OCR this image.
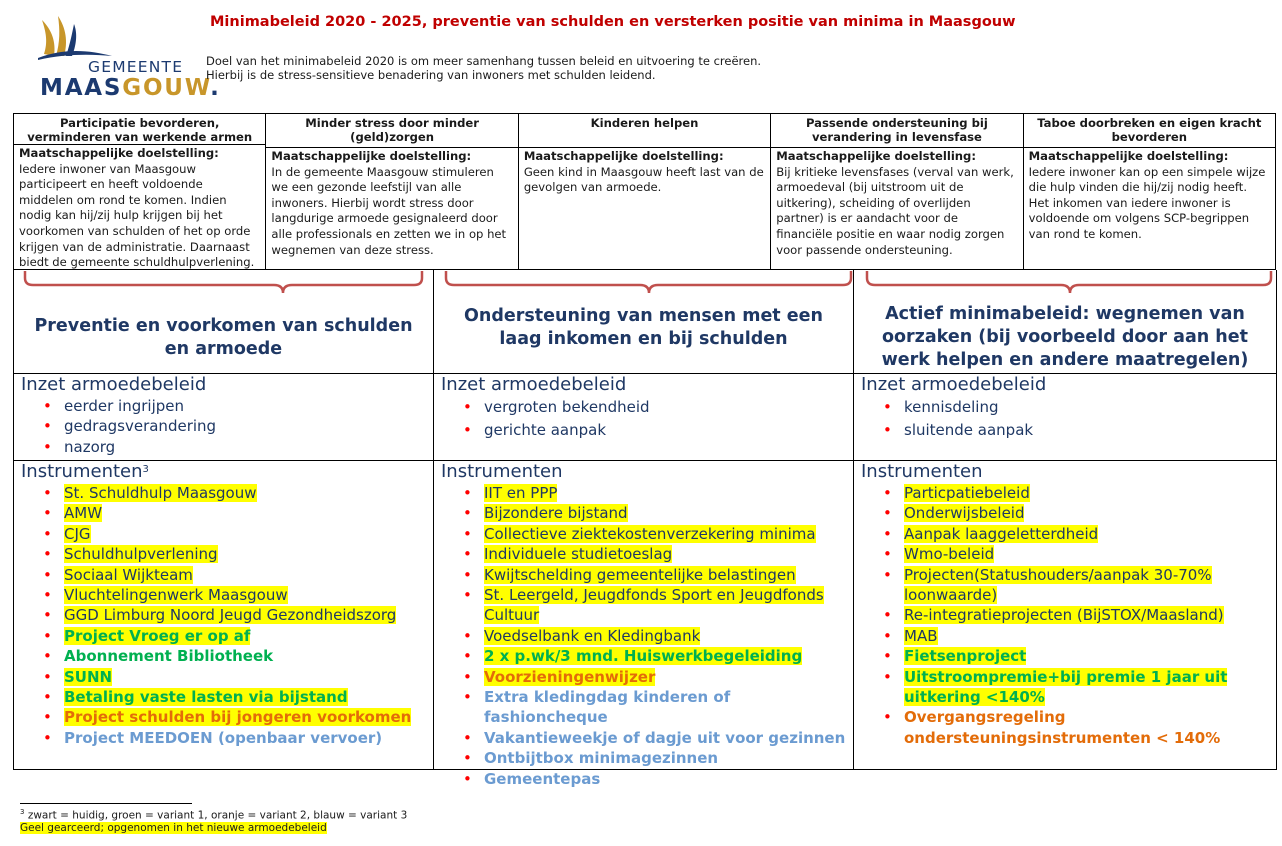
GEMEENTE
MAASGOUW.
Minimabeleid 2020 - 2025, preventie van schulden en versterken positie van minima in Maasgouw
Doel van het minimabeleid 2020 is om meer samenhang tussen beleid en uitvoering te creëren.
Hierbij is de stress-sensitieve benadering van inwoners met schulden leidend.
Participatie bevorderen, verminderen van werkende armen
Maatschappelijke doelstelling:
Iedere inwoner van Maasgouw participeert en heeft voldoende middelen om rond te komen. Indien nodig kan hij/zij hulp krijgen bij het voorkomen van schulden of het op orde krijgen van de administratie. Daarnaast biedt de gemeente schuldhulpverlening.
Minder stress door minder (geld)zorgen
Maatschappelijke doelstelling:
In de gemeente Maasgouw stimuleren we een gezonde leefstijl van alle inwoners. Hierbij wordt stress door langdurige armoede gesignaleerd door alle professionals en zetten we in op het wegnemen van deze stress.
Kinderen helpen
Maatschappelijke doelstelling:
Geen kind in Maasgouw heeft last van de gevolgen van armoede.
Passende ondersteuning bij verandering in levensfase
Maatschappelijke doelstelling:
Bij kritieke levensfases (verval van werk, armoedeval (bij uitstroom uit de uitkering), scheiding of overlijden partner) is er aandacht voor de financiële positie en waar nodig zorgen voor passende ondersteuning.
Taboe doorbreken en eigen kracht bevorderen
Maatschappelijke doelstelling:
Iedere inwoner kan op een simpele wijze die hulp vinden die hij/zij nodig heeft. Het inkomen van iedere inwoner is voldoende om volgens SCP-begrippen van rond te komen.
Preventie en voorkomen van schulden en armoede
Ondersteuning van mensen met een laag inkomen en bij schulden
Actief minimabeleid: wegnemen van oorzaken (bij voorbeeld door aan het werk helpen en andere maatregelen)
Inzet armoedebeleid
• eerder ingrijpen
• gedragsverandering
• nazorg
Inzet armoedebeleid
• vergroten bekendheid
• gerichte aanpak
Inzet armoedebeleid
• kennisdeling
• sluitende aanpak
Instrumenten$^3$
• St. Schuldhulp Maasgouw
• AMW
• CJG
• Schuldhulpverlening
• Sociaal Wijkteam
• Vluchtelingenwerk Maasgouw
• GGD Limburg Noord Jeugd Gezondheidszorg
• Project Vroeg er op af
• Abonnement Bibliotheek
• SUNN
• Betaling vaste lasten via bijstand
• Project schulden bij jongeren voorkomen
• Project MEEDOEN (openbaar vervoer)
Instrumenten
• IIT en PPP
• Bijzondere bijstand
• Collectieve ziektekostenverzekering minima
• Individuele studietoeslag
• Kwijtschelding gemeentelijke belastingen
• St. Leergeld, Jeugdfonds Sport en Jeugdfonds
Cultuur
• Voedselbank en Kledingbank
• 2 x p.wk/3 mnd. Huiswerkbegeleiding
• Voorzieningenwijzer
• Extra kledingdag kinderen of fashioncheque
• Vakantieweekje of dagje uit voor gezinnen
• Ontbijtbox minimagezinnen
• Gemeentepas
Instrumenten
• Particpatiebeleid
• Onderwijsbeleid
• Aanpak laaggeletterdheid
• Wmo-beleid
• Projecten(Statushouders/aanpak 30-70%
loonwaarde)
• Re-integratieprojecten (BijSTOX/Maasland)
• MAB
• Fietsenproject
• Uitstroompremie+bij premie 1 jaar uit
uitkering <140%
• Overgangsregeling
ondersteuningsinstrumenten < 140%
$^3$ zwart = huidig, groen = variant 1, oranje = variant 2, blauw = variant 3
Geel gearceerd; opgenomen in het nieuwe armoedebeleid
